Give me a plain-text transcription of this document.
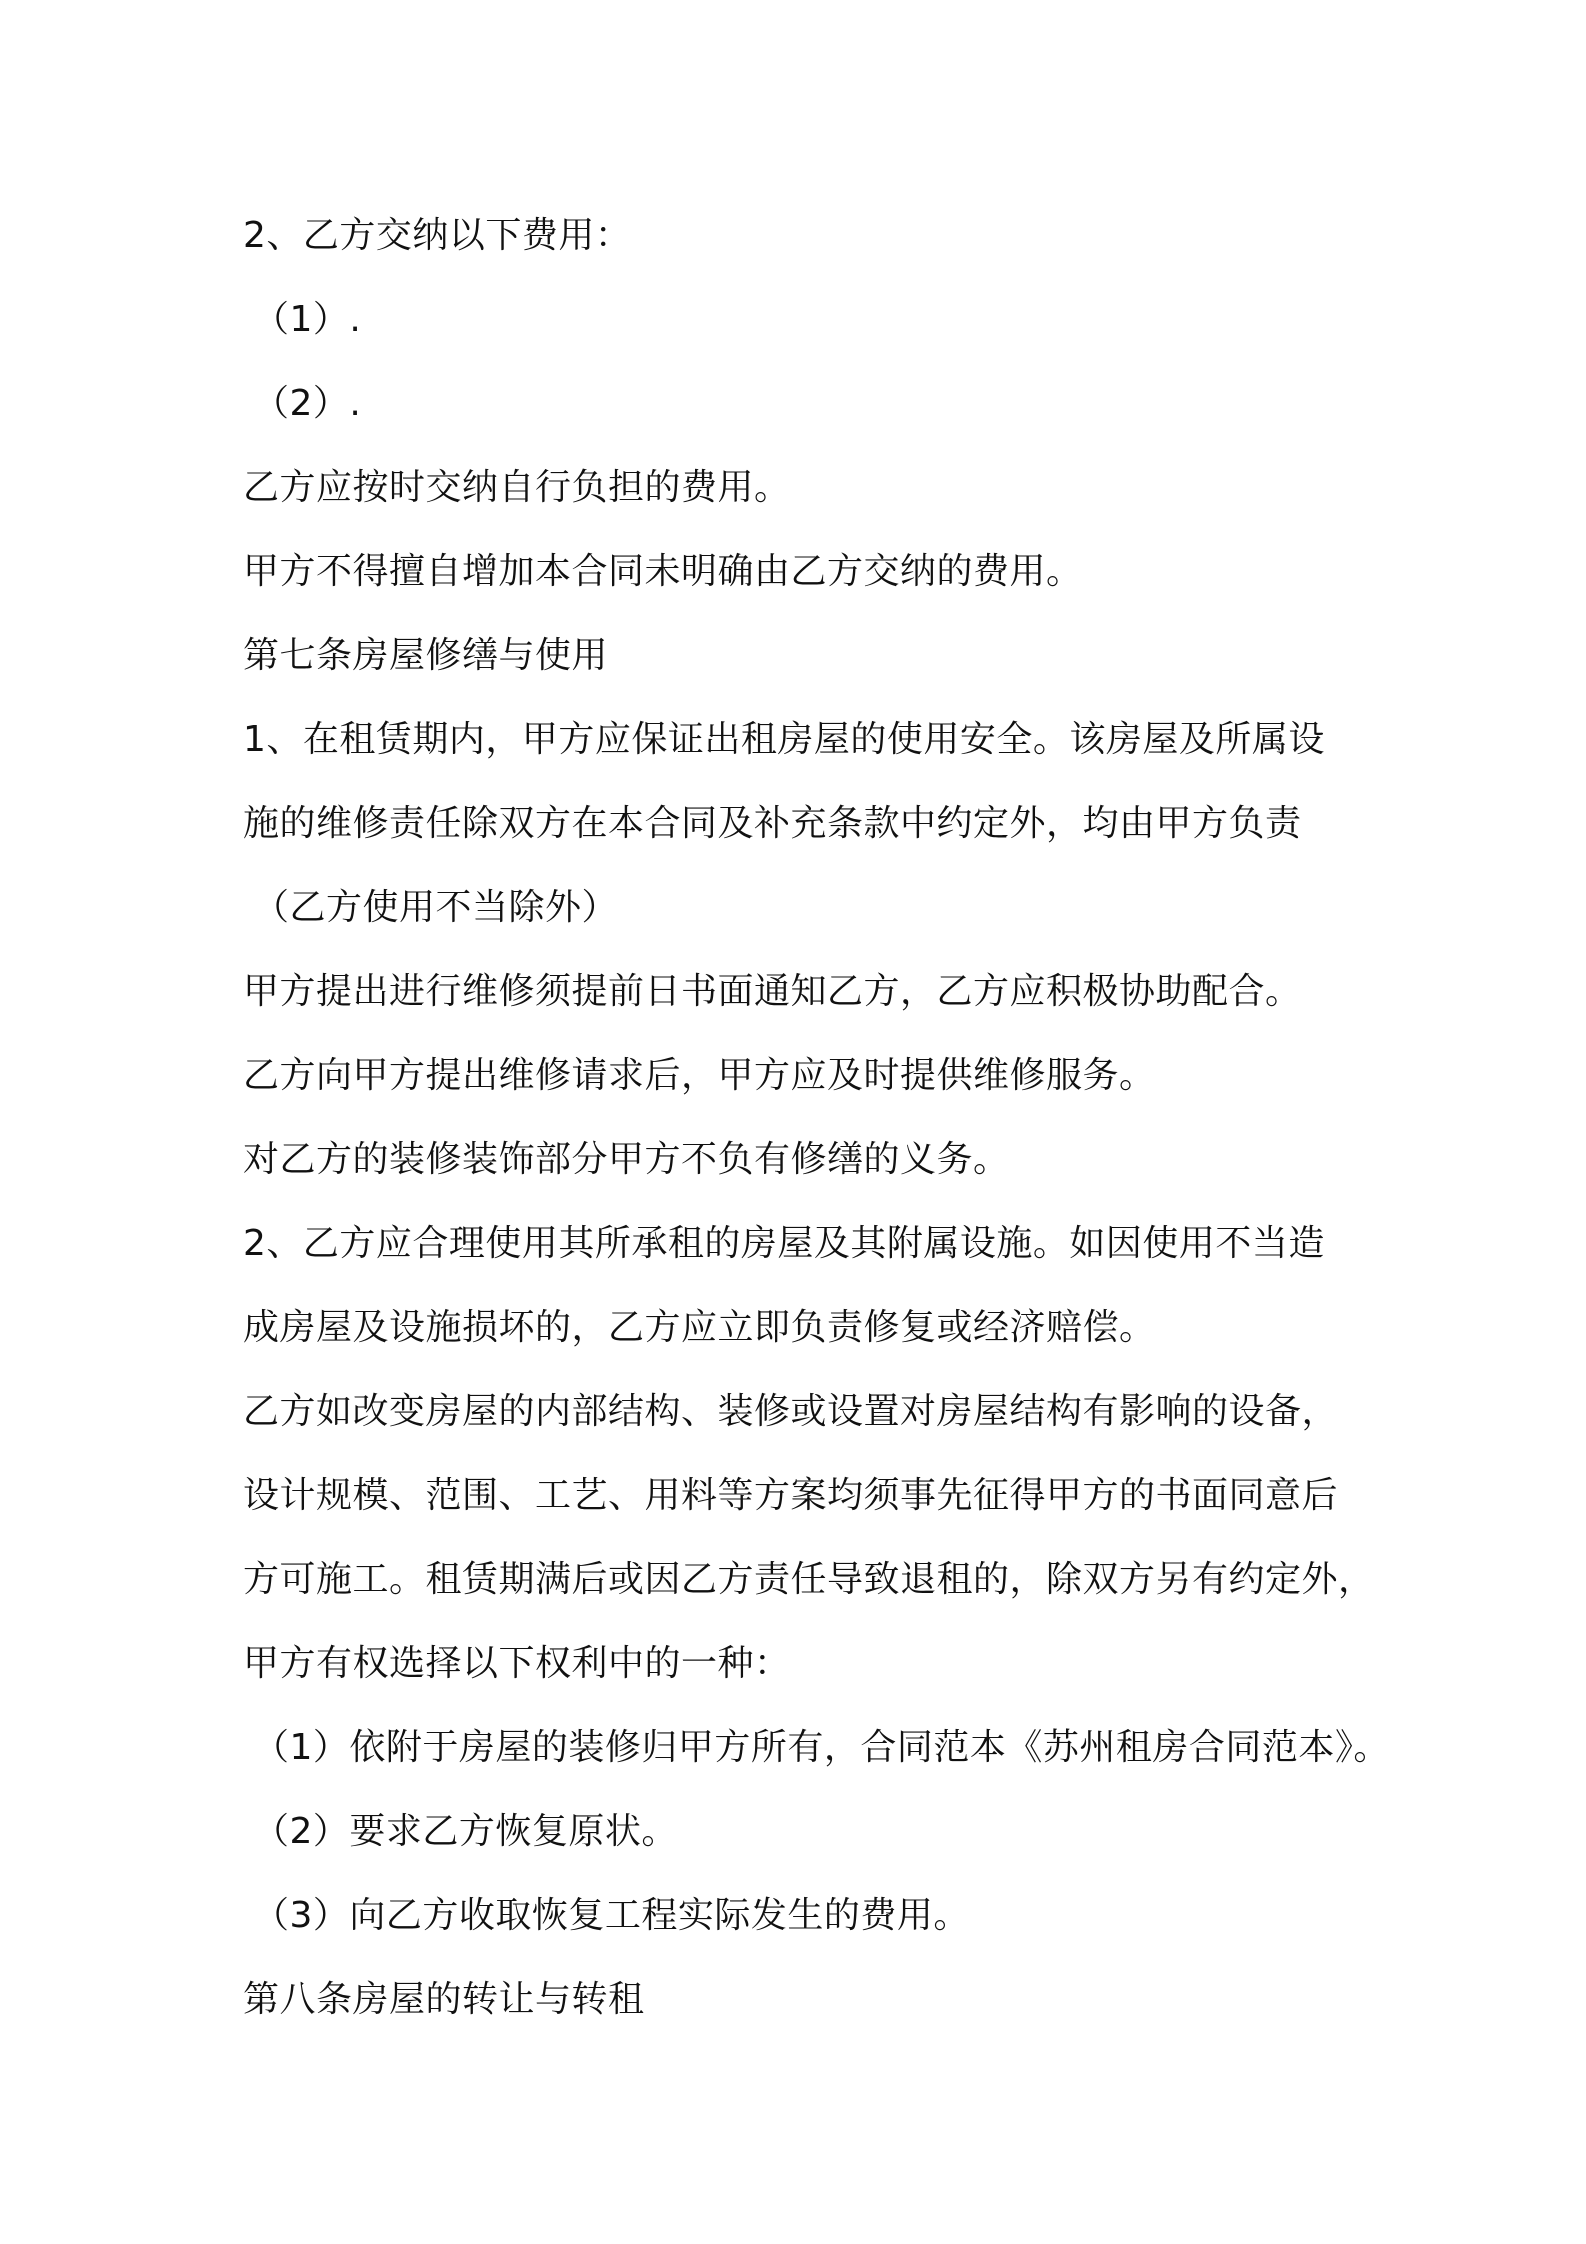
2、乙方交纳以下费用：
（1）.
（2）.
乙方应按时交纳自行负担的费用。
甲方不得擅自增加本合同未明确由乙方交纳的费用。
第七条房屋修缮与使用
1、在租赁期内，甲方应保证出租房屋的使用安全。该房屋及所属设
施的维修责任除双方在本合同及补充条款中约定外，均由甲方负责
（乙方使用不当除外）
甲方提出进行维修须提前日书面通知乙方，乙方应积极协助配合。
乙方向甲方提出维修请求后，甲方应及时提供维修服务。
对乙方的装修装饰部分甲方不负有修缮的义务。
2、乙方应合理使用其所承租的房屋及其附属设施。如因使用不当造
成房屋及设施损坏的，乙方应立即负责修复或经济赔偿。
乙方如改变房屋的内部结构、装修或设置对房屋结构有影响的设备，
设计规模、范围、工艺、用料等方案均须事先征得甲方的书面同意后
方可施工。租赁期满后或因乙方责任导致退租的，除双方另有约定外，
甲方有权选择以下权利中的一种：
（1）依附于房屋的装修归甲方所有，合同范本《苏州租房合同范本》。
（2）要求乙方恢复原状。
（3）向乙方收取恢复工程实际发生的费用。
第八条房屋的转让与转租
